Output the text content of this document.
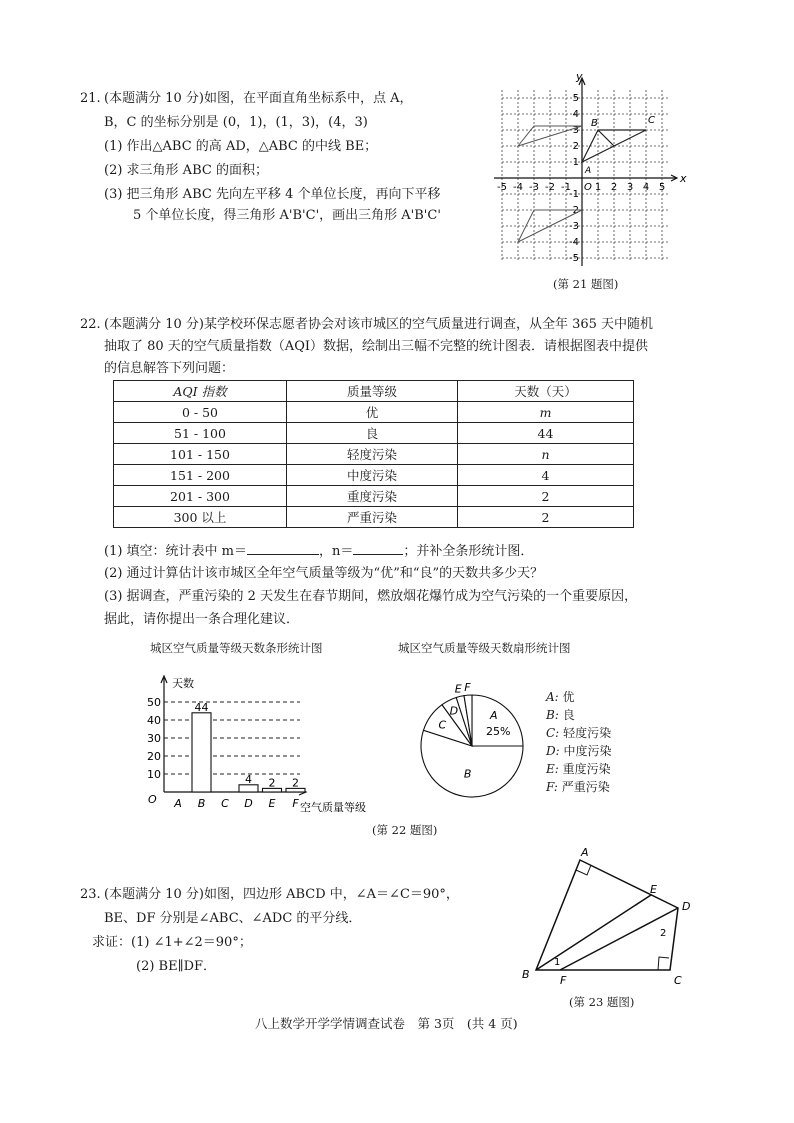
21. (本题满分 10 分)如图，在平面直角坐标系中，点 A，
B，C 的坐标分别是 (0，1)，(1，3)，(4，3)
(1) 作出△ABC 的高 AD，△ABC 的中线 BE；
(2) 求三角形 ABC 的面积；
(3) 把三角形 ABC 先向左平移 4 个单位长度，再向下平移
5 个单位长度，得三角形 A'B'C'，画出三角形 A'B'C'
x
y
O
-5 -4 -3 -2 -1 1 2 3 4 5
5
4
3
2
1
-1
-2
-3
-4
-5
B	C
A
(第 21 题图)
22. (本题满分 10 分)某学校环保志愿者协会对该市城区的空气质量进行调查，从全年 365 天中随机
抽取了 80 天的空气质量指数（AQI）数据，绘制出三幅不完整的统计图表．请根据图表中提供
的信息解答下列问题：
AQI 指数	质量等级	天数（天）
0 - 50	优	m
51 - 100	良	44
101 - 150	轻度污染	n
151 - 200	中度污染	4
201 - 300	重度污染	2
300 以上	严重污染	2
(1) 填空：统计表中 m＝	，n＝	；并补全条形统计图．
(2) 通过计算估计该市城区全年空气质量等级为“优”和“良”的天数共多少天？
(3) 据调查，严重污染的 2 天发生在春节期间，燃放烟花爆竹成为空气污染的一个重要原因，
据此，请你提出一条合理化建议．
城区空气质量等级天数条形统计图	城区空气质量等级天数扇形统计图
O
天数
空气质量等级
10
20
30
40
50
A B
44
C D
4
E
2
F
2
B
C
D
E F
A
25%
A: 优
B: 良
C: 轻度污染
D: 中度污染
E: 重度污染
F: 严重污染
(第 22 题图)
23. (本题满分 10 分)如图，四边形 ABCD 中，∠A＝∠C＝90°，
BE、DF 分别是∠ABC、∠ADC 的平分线．
求证：(1) ∠1+∠2＝90°；
(2) BE∥DF．
A
B	C
D
E
F
1
2
(第 23 题图)
八上数学开学学情调查试卷　第 3页　(共 4 页)
